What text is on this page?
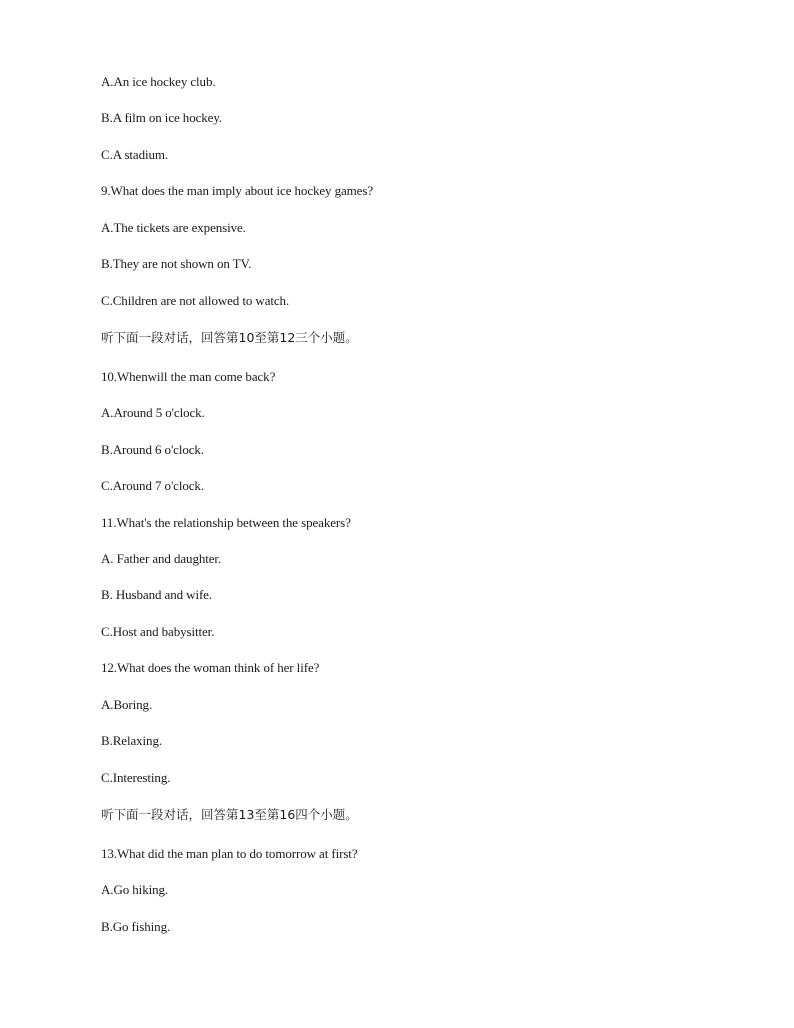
A.An ice hockey club.
B.A film on ice hockey.
C.A stadium.
9.What does the man imply about ice hockey games?
A.The tickets are expensive.
B.They are not shown on TV.
C.Children are not allowed to watch.
听下面一段对话，回答第10至第12三个小题。
10.Whenwill the man come back?
A.Around 5 o'clock.
B.Around 6 o'clock.
C.Around 7 o'clock.
11.What's the relationship between the speakers?
A. Father and daughter.
B. Husband and wife.
C.Host and babysitter.
12.What does the woman think of her life?
A.Boring.
B.Relaxing.
C.Interesting.
听下面一段对话，回答第13至第16四个小题。
13.What did the man plan to do tomorrow at first?
A.Go hiking.
B.Go fishing.
